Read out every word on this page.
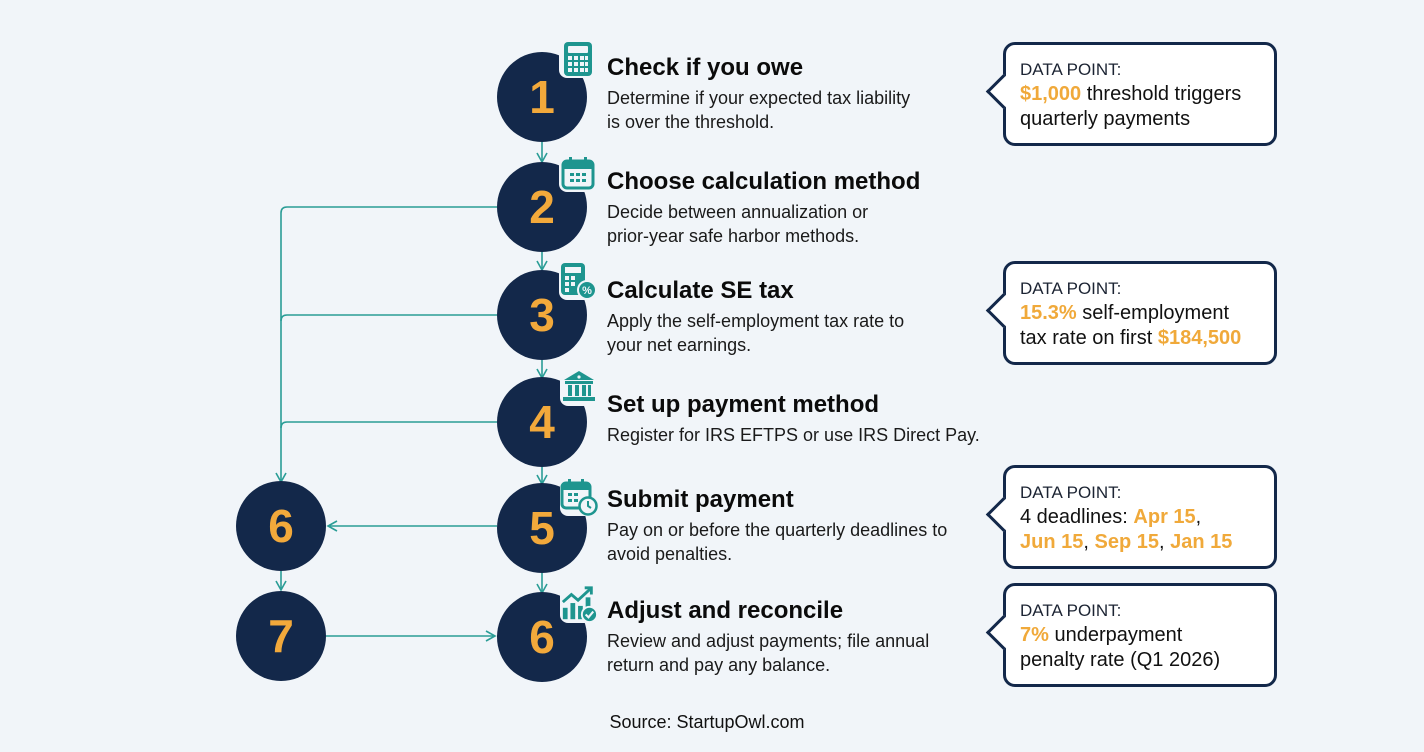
1
2
3
4
5
6
6
7
%
Check if you owe
Determine if your expected tax liability
is over the threshold.
Choose calculation method
Decide between annualization or
prior-year safe harbor methods.
Calculate SE tax
Apply the self-employment tax rate to
your net earnings.
Set up payment method
Register for IRS EFTPS or use IRS Direct Pay.
Submit payment
Pay on or before the quarterly deadlines to
avoid penalties.
Adjust and reconcile
Review and adjust payments; file annual
return and pay any balance.
DATA POINT:
$1,000 threshold triggers
quarterly payments
DATA POINT:
15.3% self-employment
tax rate on first $184,500
DATA POINT:
4 deadlines: Apr 15,
Jun 15, Sep 15, Jan 15
DATA POINT:
7% underpayment
penalty rate (Q1 2026)
Source: StartupOwl.com
